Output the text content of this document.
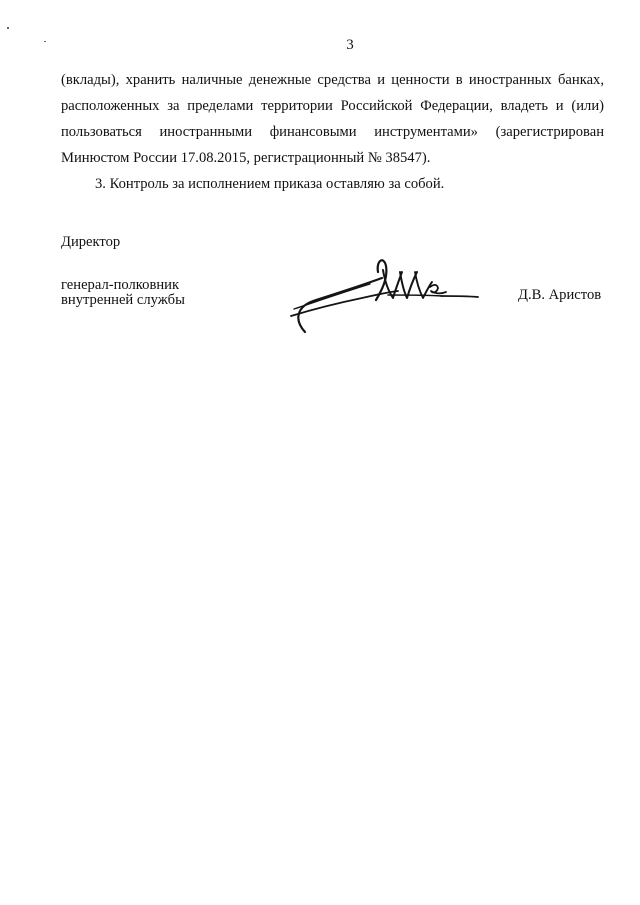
3
(вклады), хранить наличные денежные средства и ценности в иностранных банках,
расположенных за пределами территории Российской Федерации, владеть и (или)
пользоваться иностранными финансовыми инструментами» (зарегистрирован
Минюстом России 17.08.2015, регистрационный № 38547).
3. Контроль за исполнением приказа оставляю за собой.
Директор
генерал-полковник
внутренней службы	Д.В. Аристов
